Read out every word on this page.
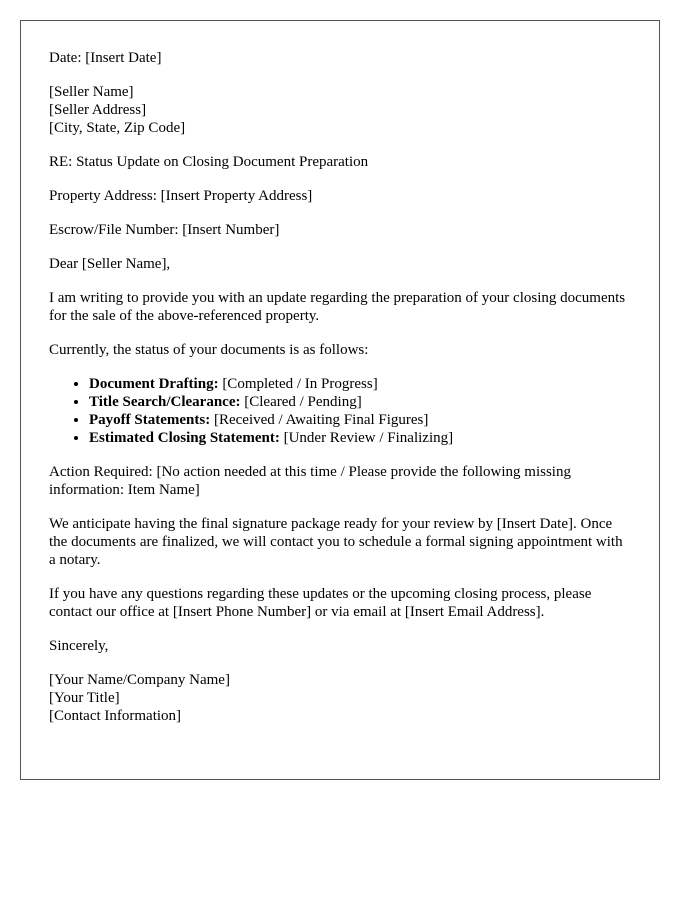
Date: [Insert Date]

[Seller Name]
[Seller Address]
[City, State, Zip Code]

RE: Status Update on Closing Document Preparation

Property Address: [Insert Property Address]

Escrow/File Number: [Insert Number]

Dear [Seller Name],

I am writing to provide you with an update regarding the preparation of your closing documents for the sale of the above-referenced property.

Currently, the status of your documents is as follows:

• Document Drafting: [Completed / In Progress]
• Title Search/Clearance: [Cleared / Pending]
• Payoff Statements: [Received / Awaiting Final Figures]
• Estimated Closing Statement: [Under Review / Finalizing]

Action Required: [No action needed at this time / Please provide the following missing information: Item Name]

We anticipate having the final signature package ready for your review by [Insert Date]. Once the documents are finalized, we will contact you to schedule a formal signing appointment with a notary.

If you have any questions regarding these updates or the upcoming closing process, please contact our office at [Insert Phone Number] or via email at [Insert Email Address].

Sincerely,

[Your Name/Company Name]
[Your Title]
[Contact Information]
